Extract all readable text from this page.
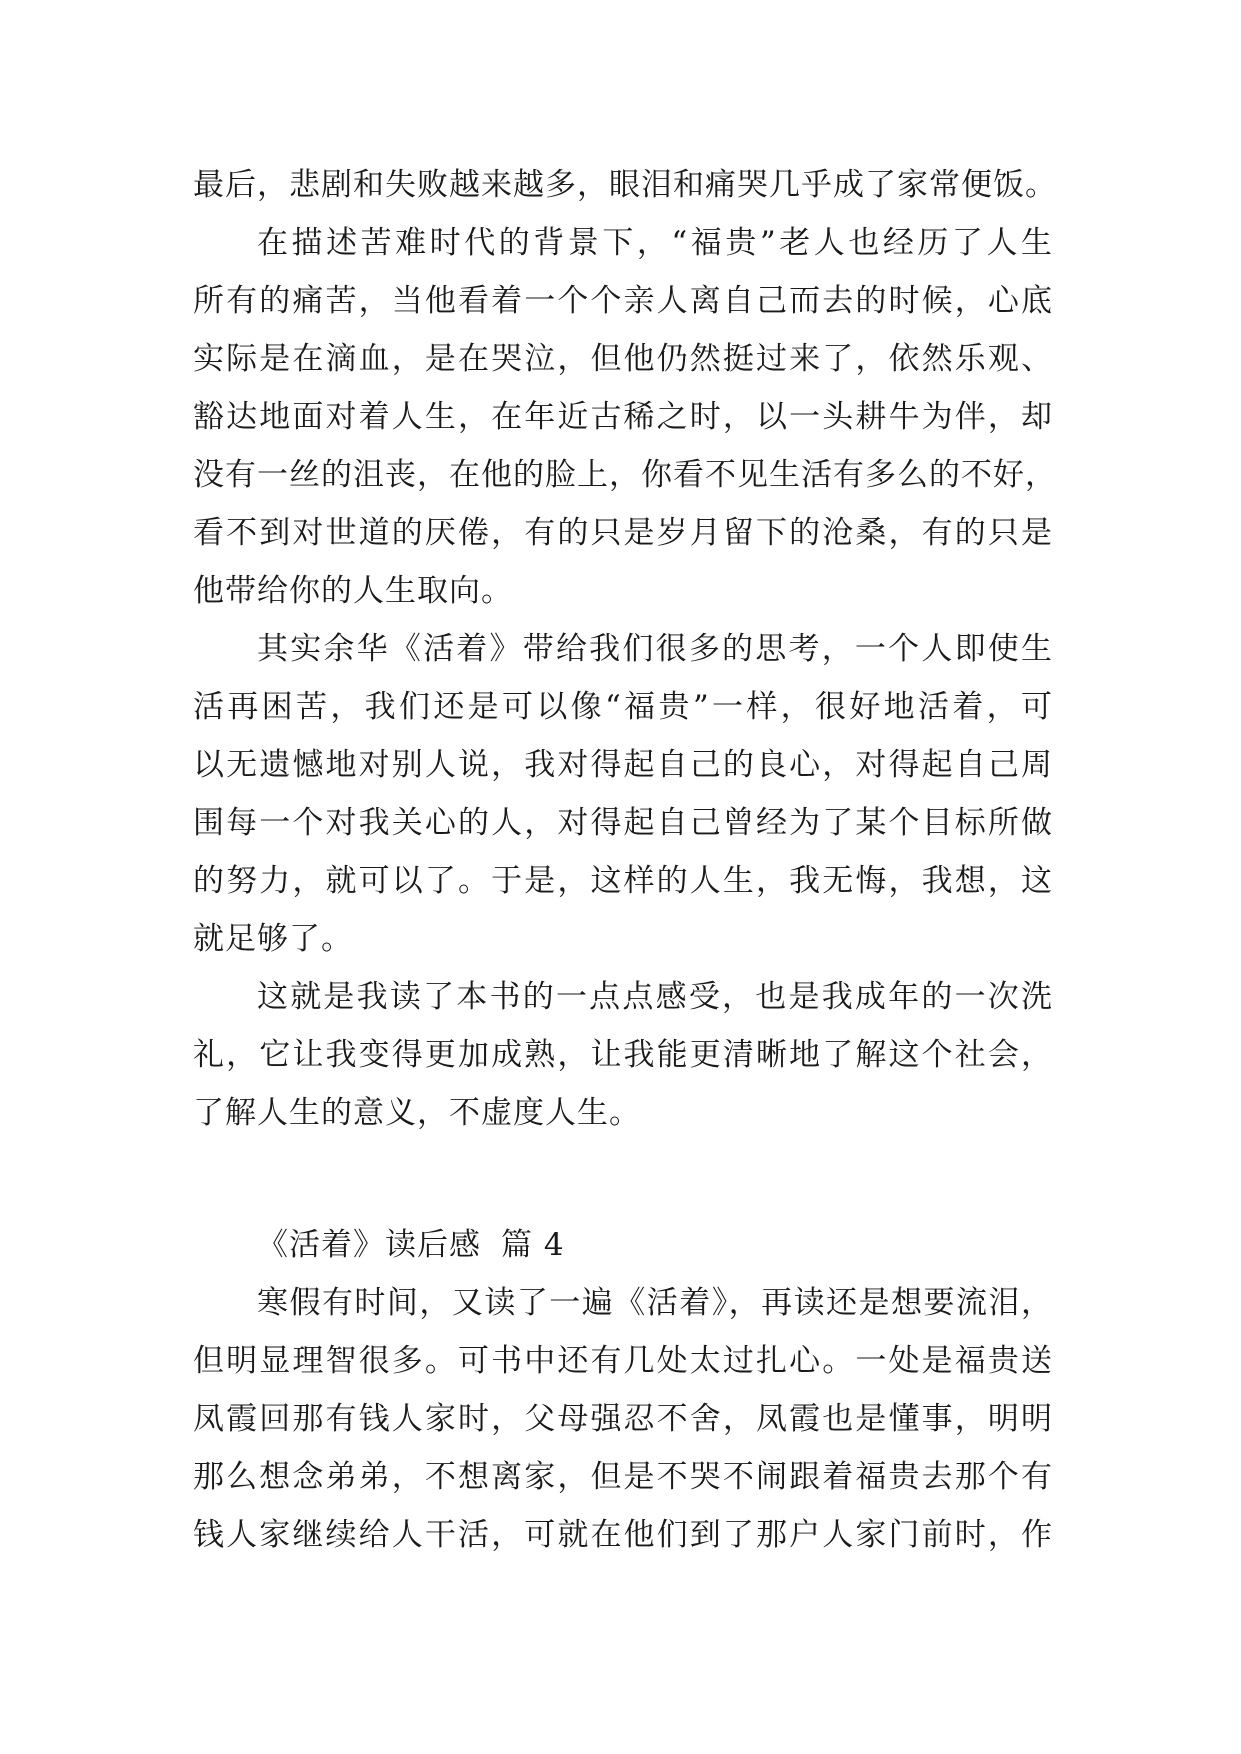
最后，悲剧和失败越来越多，眼泪和痛哭几乎成了家常便饭。
在描述苦难时代的背景下，“福贵”老人也经历了人生
所有的痛苦，当他看着一个个亲人离自己而去的时候，心底
实际是在滴血，是在哭泣，但他仍然挺过来了，依然乐观、
豁达地面对着人生，在年近古稀之时，以一头耕牛为伴，却
没有一丝的沮丧，在他的脸上，你看不见生活有多么的不好，
看不到对世道的厌倦，有的只是岁月留下的沧桑，有的只是
他带给你的人生取向。
其实余华《活着》带给我们很多的思考，一个人即使生
活再困苦，我们还是可以像“福贵”一样，很好地活着，可
以无遗憾地对别人说，我对得起自己的良心，对得起自己周
围每一个对我关心的人，对得起自己曾经为了某个目标所做
的努力，就可以了。于是，这样的人生，我无悔，我想，这
就足够了。
这就是我读了本书的一点点感受，也是我成年的一次洗
礼，它让我变得更加成熟，让我能更清晰地了解这个社会，
了解人生的意义，不虚度人生。
《活着》读后感 篇 4
寒假有时间，又读了一遍《活着》，再读还是想要流泪，
但明显理智很多。可书中还有几处太过扎心。一处是福贵送
凤霞回那有钱人家时，父母强忍不舍，凤霞也是懂事，明明
那么想念弟弟，不想离家，但是不哭不闹跟着福贵去那个有
钱人家继续给人干活，可就在他们到了那户人家门前时，作
